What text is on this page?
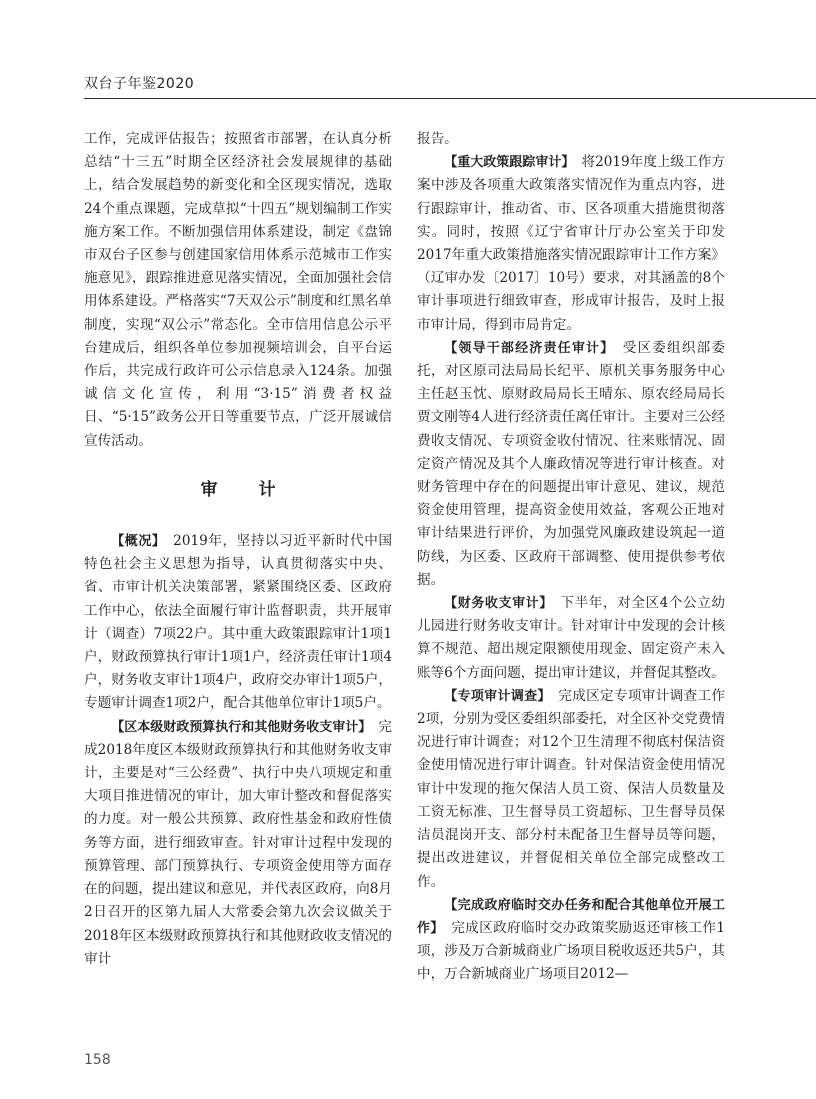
双台子年鉴2020

工作，完成评估报告；按照省市部署，在认真分析总结“十三五”时期全区经济社会发展规律的基础上，结合发展趋势的新变化和全区现实情况，选取24个重点课题，完成草拟“十四五”规划编制工作实施方案工作。不断加强信用体系建设，制定《盘锦市双台子区参与创建国家信用体系示范城市工作实施意见》，跟踪推进意见落实情况，全面加强社会信用体系建设。严格落实“7天双公示”制度和红黑名单制度，实现“双公示”常态化。全市信用信息公示平台建成后，组织各单位参加视频培训会，自平台运作后，共完成行政许可公示信息录入124条。加强诚信文化宣传，利用“3·15”消费者权益日、“5·15”政务公开日等重要节点，广泛开展诚信宣传活动。

审　计

【概况】　 2019年，坚持以习近平新时代中国特色社会主义思想为指导，认真贯彻落实中央、省、市审计机关决策部署，紧紧围绕区委、区政府工作中心，依法全面履行审计监督职责，共开展审计（调查）7项22户。其中重大政策跟踪审计1项1户，财政预算执行审计1项1户，经济责任审计1项4户，财务收支审计1项4户，政府交办审计1项5户，专题审计调查1项2户，配合其他单位审计1项5户。

【区本级财政预算执行和其他财务收支审计】　 完成2018年度区本级财政预算执行和其他财务收支审计，主要是对“三公经费”、执行中央八项规定和重大项目推进情况的审计，加大审计整改和督促落实的力度。对一般公共预算、政府性基金和政府性债务等方面，进行细致审查。针对审计过程中发现的预算管理、部门预算执行、专项资金使用等方面存在的问题，提出建议和意见，并代表区政府，向8月2日召开的区第九届人大常委会第九次会议做关于2018年区本级财政预算执行和其他财政收支情况的审计

报告。

【重大政策跟踪审计】　 将2019年度上级工作方案中涉及各项重大政策落实情况作为重点内容，进行跟踪审计，推动省、市、区各项重大措施贯彻落实。同时，按照《辽宁省审计厅办公室关于印发2017年重大政策措施落实情况跟踪审计工作方案》（辽审办发〔2017〕10号）要求，对其涵盖的8个审计事项进行细致审查，形成审计报告，及时上报市审计局，得到市局肯定。

【领导干部经济责任审计】　 受区委组织部委托，对区原司法局局长纪平、原机关事务服务中心主任赵玉忱、原财政局局长王晴东、原农经局局长贾文刚等4人进行经济责任离任审计。主要对三公经费收支情况、专项资金收付情况、往来账情况、固定资产情况及其个人廉政情况等进行审计核查。对财务管理中存在的问题提出审计意见、建议，规范资金使用管理，提高资金使用效益，客观公正地对审计结果进行评价，为加强党风廉政建设筑起一道防线，为区委、区政府干部调整、使用提供参考依据。

【财务收支审计】　 下半年，对全区4个公立幼儿园进行财务收支审计。针对审计中发现的会计核算不规范、超出规定限额使用现金、固定资产未入账等6个方面问题，提出审计建议，并督促其整改。

【专项审计调查】　 完成区定专项审计调查工作2项，分别为受区委组织部委托，对全区补交党费情况进行审计调查；对12个卫生清理不彻底村保洁资金使用情况进行审计调查。针对保洁资金使用情况审计中发现的拖欠保洁人员工资、保洁人员数量及工资无标准、卫生督导员工资超标、卫生督导员保洁员混岗开支、部分村未配备卫生督导员等问题，提出改进建议，并督促相关单位全部完成整改工作。

【完成政府临时交办任务和配合其他单位开展工作】　 完成区政府临时交办政策奖励返还审核工作1项，涉及万合新城商业广场项目税收返还共5户，其中，万合新城商业广场项目2012—

158
